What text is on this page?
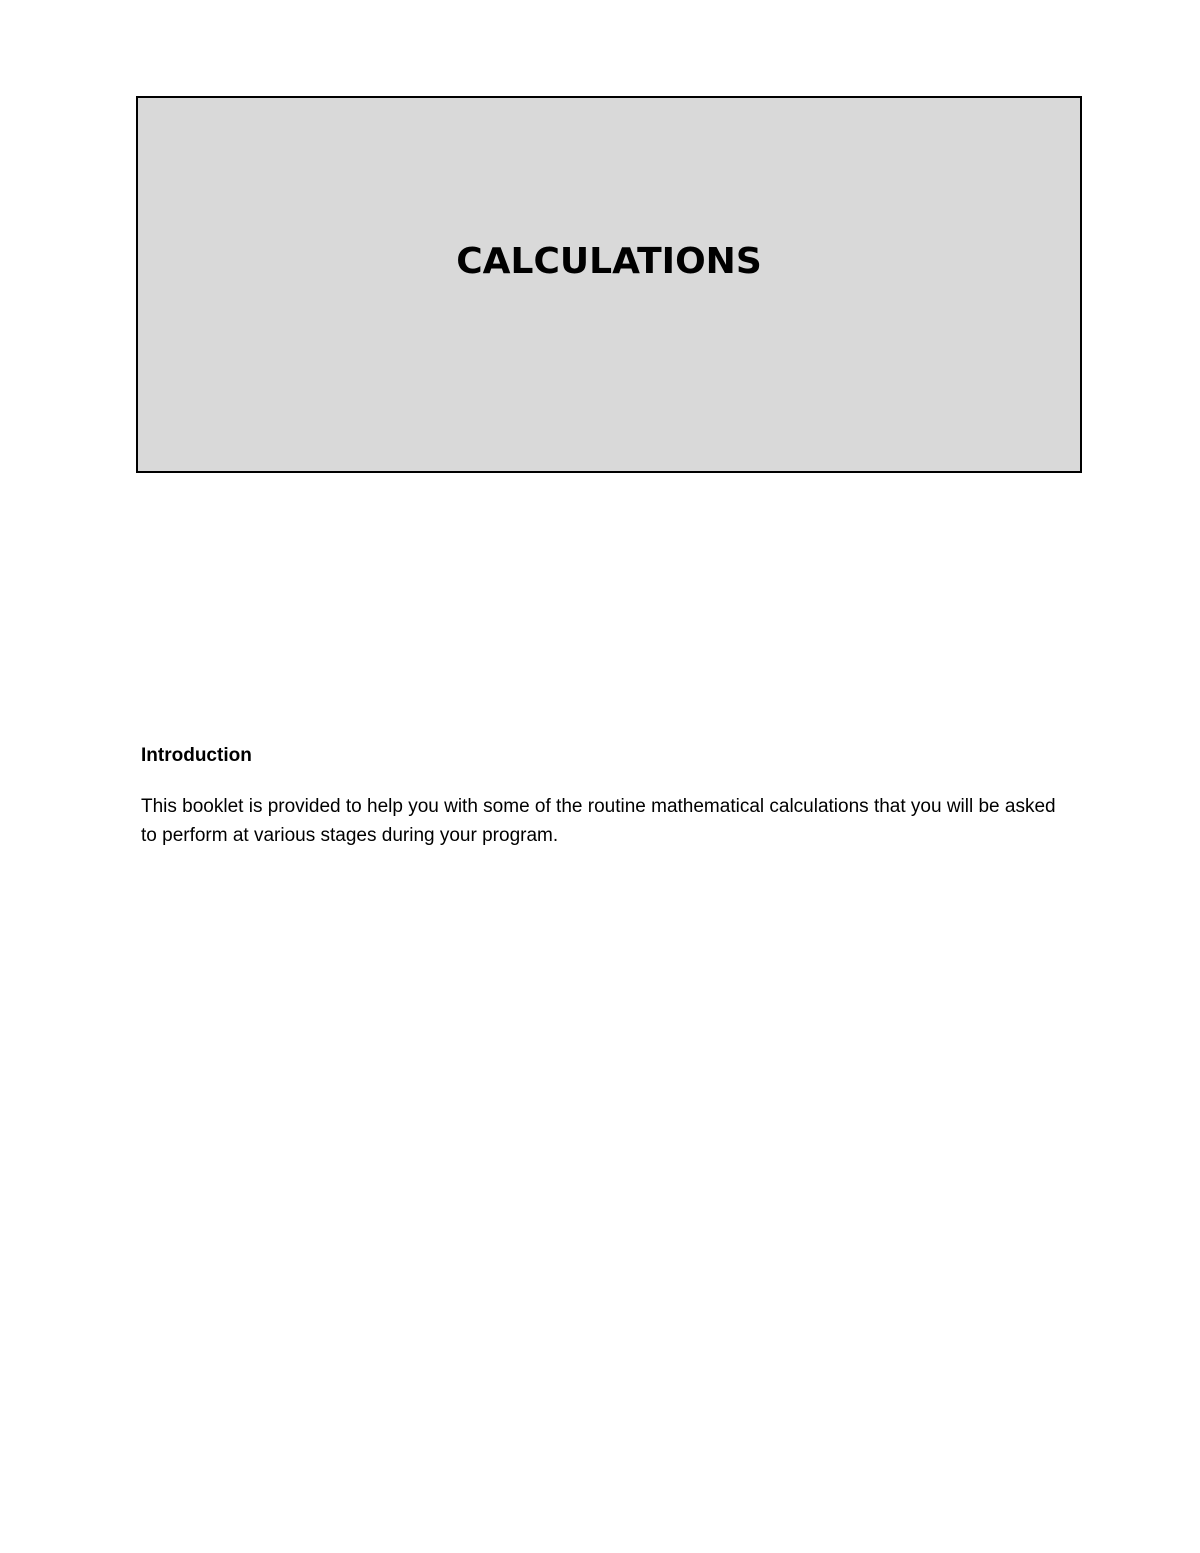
CALCULATIONS
Introduction

This booklet is provided to help you with some of the routine mathematical calculations that you will be asked to perform at various stages during your program.
